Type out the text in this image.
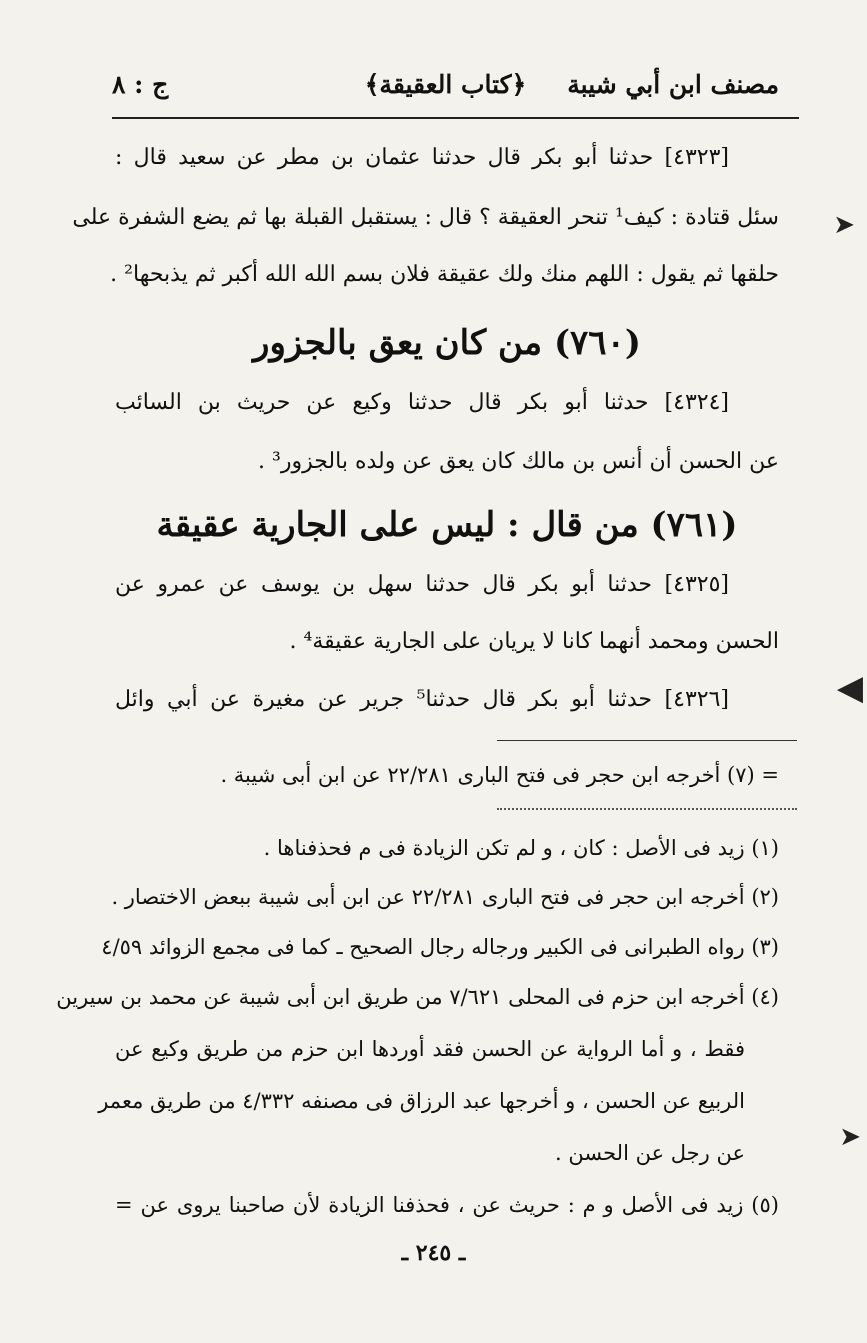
مصنف ابن أبي شيبة
﴿كتاب العقيقة﴾
ج : ٨
[٤٣٢٣] حدثنا أبو بكر قال حدثنا عثمان بن مطر عن سعيد قال :
سئل قتادة : كيف¹ تنحر العقيقة ؟ قال : يستقبل القبلة بها ثم يضع الشفرة على
حلقها ثم يقول : اللهم منك ولك عقيقة فلان بسم الله الله أكبر ثم يذبحها² .
(٧٦٠) من كان يعق بالجزور
[٤٣٢٤] حدثنا أبو بكر قال حدثنا وكيع عن حريث بن السائب
عن الحسن أن أنس بن مالك كان يعق عن ولده بالجزور³ .
(٧٦١) من قال : ليس على الجارية عقيقة
[٤٣٢٥] حدثنا أبو بكر قال حدثنا سهل بن يوسف عن عمرو عن
الحسن ومحمد أنهما كانا لا يريان على الجارية عقيقة⁴ .
[٤٣٢٦] حدثنا أبو بكر قال حدثنا⁵ جرير عن مغيرة عن أبي وائل
= (٧) أخرجه ابن حجر فى فتح البارى ٢٢/٢٨١ عن ابن أبى شيبة .
(١) زيد فى الأصل : كان ، و لم تكن الزيادة فى م فحذفناها .
(٢) أخرجه ابن حجر فى فتح البارى ٢٢/٢٨١ عن ابن أبى شيبة ببعض الاختصار .
(٣) رواه الطبرانى فى الكبير ورجاله رجال الصحيح ـ كما فى مجمع الزوائد ٤/٥٩
(٤) أخرجه ابن حزم فى المحلى ٧/٦٢١ من طريق ابن أبى شيبة عن محمد بن سيرين
فقط ، و أما الرواية عن الحسن فقد أوردها ابن حزم من طريق وكيع عن
الربيع عن الحسن ، و أخرجها عبد الرزاق فى مصنفه ٤/٣٣٢ من طريق معمر
عن رجل عن الحسن .
(٥) زيد فى الأصل و م : حريث عن ، فحذفنا الزيادة لأن صاحبنا يروى عن =
ـ ٢٤٥ ـ
➤
◀
➤
